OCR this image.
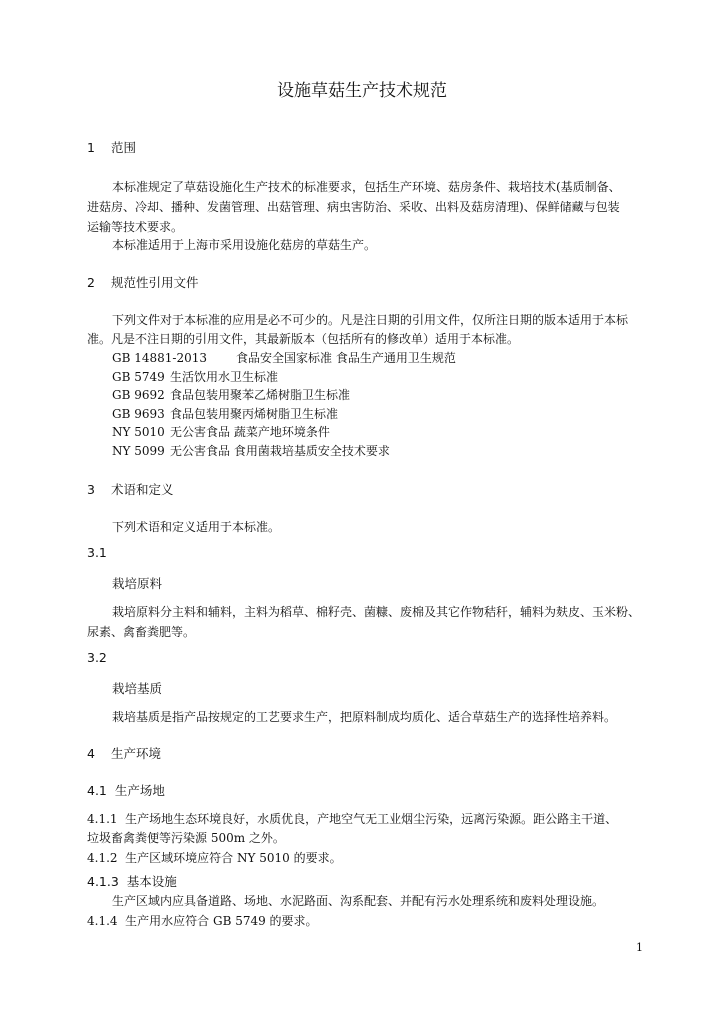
设施草菇生产技术规范
1 范围
本标准规定了草菇设施化生产技术的标准要求，包括生产环境、菇房条件、栽培技术(基质制备、
进菇房、冷却、播种、发菌管理、出菇管理、病虫害防治、采收、出料及菇房清理)、保鲜储藏与包装
运输等技术要求。
本标准适用于上海市采用设施化菇房的草菇生产。
2 规范性引用文件
下列文件对于本标准的应用是必不可少的。凡是注日期的引用文件，仅所注日期的版本适用于本标
准。凡是不注日期的引用文件，其最新版本（包括所有的修改单）适用于本标准。
GB 14881-2013 食品安全国家标准 食品生产通用卫生规范
GB 5749 生活饮用水卫生标准
GB 9692 食品包装用聚苯乙烯树脂卫生标准
GB 9693 食品包装用聚丙烯树脂卫生标准
NY 5010 无公害食品 蔬菜产地环境条件
NY 5099 无公害食品 食用菌栽培基质安全技术要求
3 术语和定义
下列术语和定义适用于本标准。
3.1
栽培原料
栽培原料分主料和辅料，主料为稻草、棉籽壳、菌糠、废棉及其它作物秸秆，辅料为麸皮、玉米粉、
尿素、禽畜粪肥等。
3.2
栽培基质
栽培基质是指产品按规定的工艺要求生产，把原料制成均质化、适合草菇生产的选择性培养料。
4 生产环境
4.1  生产场地
4.1.1  生产场地生态环境良好，水质优良，产地空气无工业烟尘污染，远离污染源。距公路主干道、
垃圾畜禽粪便等污染源 500m 之外。
4.1.2  生产区域环境应符合 NY 5010 的要求。
4.1.3  基本设施
生产区域内应具备道路、场地、水泥路面、沟系配套、并配有污水处理系统和废料处理设施。
4.1.4  生产用水应符合 GB 5749 的要求。
1
